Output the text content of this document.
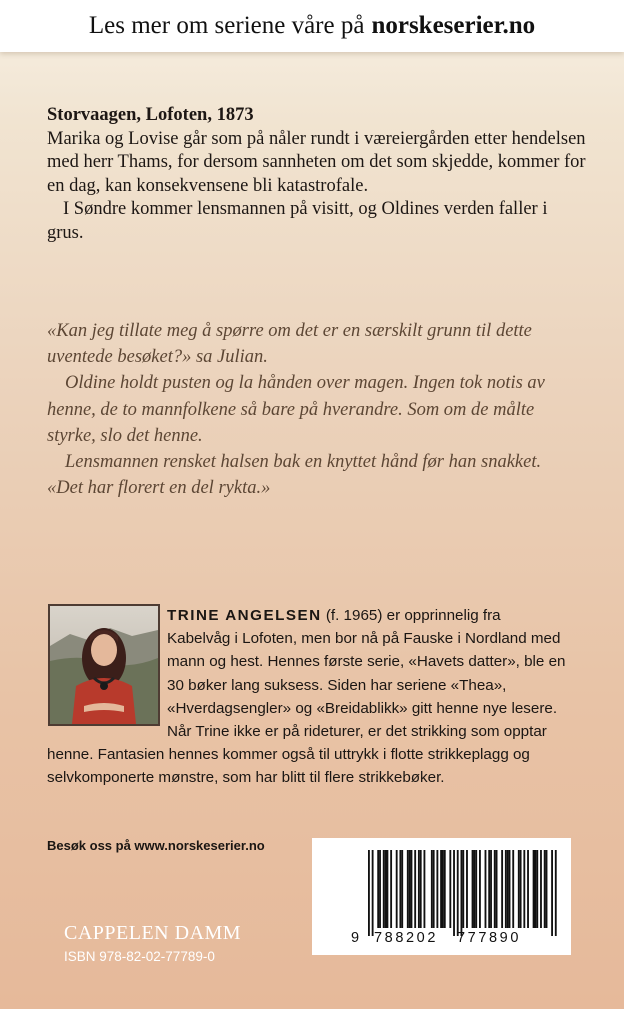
Les mer om seriene våre på norskeserier.no

Storvaagen, Lofoten, 1873

Marika og Lovise går som på nåler rundt i væreiergården etter hendelsen med herr Thams, for dersom sannheten om det som skjedde, kommer for en dag, kan konsekvensene bli katastrofale.

I Søndre kommer lensmannen på visitt, og Oldines verden faller i grus.

«Kan jeg tillate meg å spørre om det er en særskilt grunn til dette uventede besøket?» sa Julian.

Oldine holdt pusten og la hånden over magen. Ingen tok notis av henne, de to mannfolkene så bare på hverandre. Som om de målte styrke, slo det henne.

Lensmannen rensket halsen bak en knyttet hånd før han snakket.

«Det har florert en del rykta.»

TRINE ANGELSEN (f. 1965) er opprinnelig fra Kabelvåg i Lofoten, men bor nå på Fauske i Nordland med mann og hest. Hennes første serie, «Havets datter», ble en 30 bøker lang suksess. Siden har seriene «Thea», «Hverdagsengler» og «Breidablikk» gitt henne nye lesere. Når Trine ikke er på rideturer, er det strikking som opptar henne. Fantasien hennes kommer også til uttrykk i flotte strikkeplagg og selvkomponerte mønstre, som har blitt til flere strikkebøker.
Besøk oss på www.norskeserier.no
CAPPELEN DAMM
ISBN 978-82-02-77789-0
9 788202 777890
